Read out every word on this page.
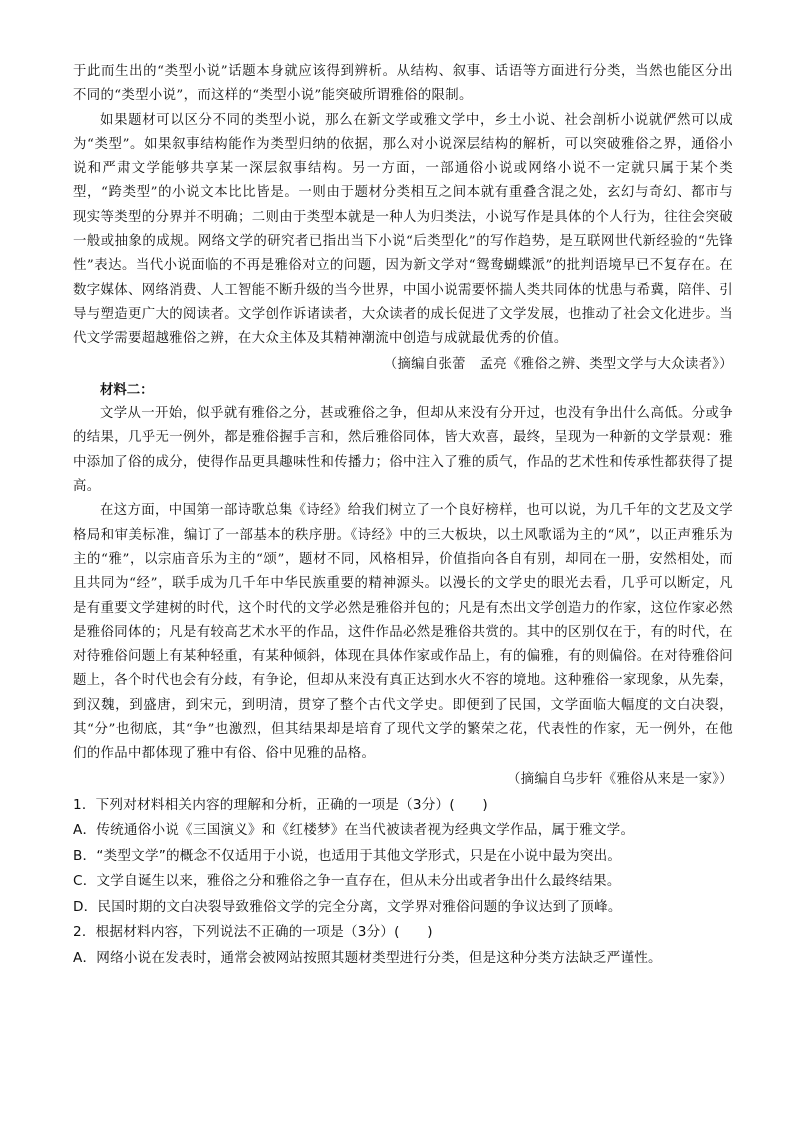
于此而生出的“类型小说”话题本身就应该得到辨析。从结构、叙事、话语等方面进行分类，当然也能区分出不同的“类型小说”，而这样的“类型小说”能突破所谓雅俗的限制。

如果题材可以区分不同的类型小说，那么在新文学或雅文学中，乡土小说、社会剖析小说就俨然可以成为“类型”。如果叙事结构能作为类型归纳的依据，那么对小说深层结构的解析，可以突破雅俗之界，通俗小说和严肃文学能够共享某一深层叙事结构。另一方面，一部通俗小说或网络小说不一定就只属于某个类型，“跨类型”的小说文本比比皆是。一则由于题材分类相互之间本就有重叠含混之处，玄幻与奇幻、都市与现实等类型的分界并不明确；二则由于类型本就是一种人为归类法，小说写作是具体的个人行为，往往会突破一般或抽象的成规。网络文学的研究者已指出当下小说“后类型化”的写作趋势，是互联网世代新经验的“先锋性”表达。当代小说面临的不再是雅俗对立的问题，因为新文学对“鸳鸯蝴蝶派”的批判语境早已不复存在。在数字媒体、网络消费、人工智能不断升级的当今世界，中国小说需要怀揣人类共同体的忧患与希冀，陪伴、引导与塑造更广大的阅读者。文学创作诉诸读者，大众读者的成长促进了文学发展，也推动了社会文化进步。当代文学需要超越雅俗之辨，在大众主体及其精神潮流中创造与成就最优秀的价值。

（摘编自张蕾　孟亮《雅俗之辨、类型文学与大众读者》）

材料二：

文学从一开始，似乎就有雅俗之分，甚或雅俗之争，但却从来没有分开过，也没有争出什么高低。分或争的结果，几乎无一例外，都是雅俗握手言和，然后雅俗同体，皆大欢喜，最终，呈现为一种新的文学景观：雅中添加了俗的成分，使得作品更具趣味性和传播力；俗中注入了雅的质气，作品的艺术性和传承性都获得了提高。

在这方面，中国第一部诗歌总集《诗经》给我们树立了一个良好榜样，也可以说，为几千年的文艺及文学格局和审美标准，编订了一部基本的秩序册。《诗经》中的三大板块，以土风歌谣为主的“风”，以正声雅乐为主的“雅”，以宗庙音乐为主的“颂”，题材不同，风格相异，价值指向各自有别，却同在一册，安然相处，而且共同为“经”，联手成为几千年中华民族重要的精神源头。以漫长的文学史的眼光去看，几乎可以断定，凡是有重要文学建树的时代，这个时代的文学必然是雅俗并包的；凡是有杰出文学创造力的作家，这位作家必然是雅俗同体的；凡是有较高艺术水平的作品，这件作品必然是雅俗共赏的。其中的区别仅在于，有的时代，在对待雅俗问题上有某种轻重，有某种倾斜，体现在具体作家或作品上，有的偏雅，有的则偏俗。在对待雅俗问题上，各个时代也会有分歧，有争论，但却从来没有真正达到水火不容的境地。这种雅俗一家现象，从先秦，到汉魏，到盛唐，到宋元，到明清，贯穿了整个古代文学史。即便到了民国，文学面临大幅度的文白决裂，其“分”也彻底，其“争”也激烈，但其结果却是培育了现代文学的繁荣之花，代表性的作家，无一例外，在他们的作品中都体现了雅中有俗、俗中见雅的品格。

（摘编自乌步轩《雅俗从来是一家》）

1．下列对材料相关内容的理解和分析，正确的一项是（3分）(　　)

A．传统通俗小说《三国演义》和《红楼梦》在当代被读者视为经典文学作品，属于雅文学。

B．“类型文学”的概念不仅适用于小说，也适用于其他文学形式，只是在小说中最为突出。

C．文学自诞生以来，雅俗之分和雅俗之争一直存在，但从未分出或者争出什么最终结果。

D．民国时期的文白决裂导致雅俗文学的完全分离，文学界对雅俗问题的争议达到了顶峰。

2．根据材料内容，下列说法不正确的一项是（3分）(　　)

A．网络小说在发表时，通常会被网站按照其题材类型进行分类，但是这种分类方法缺乏严谨性。
